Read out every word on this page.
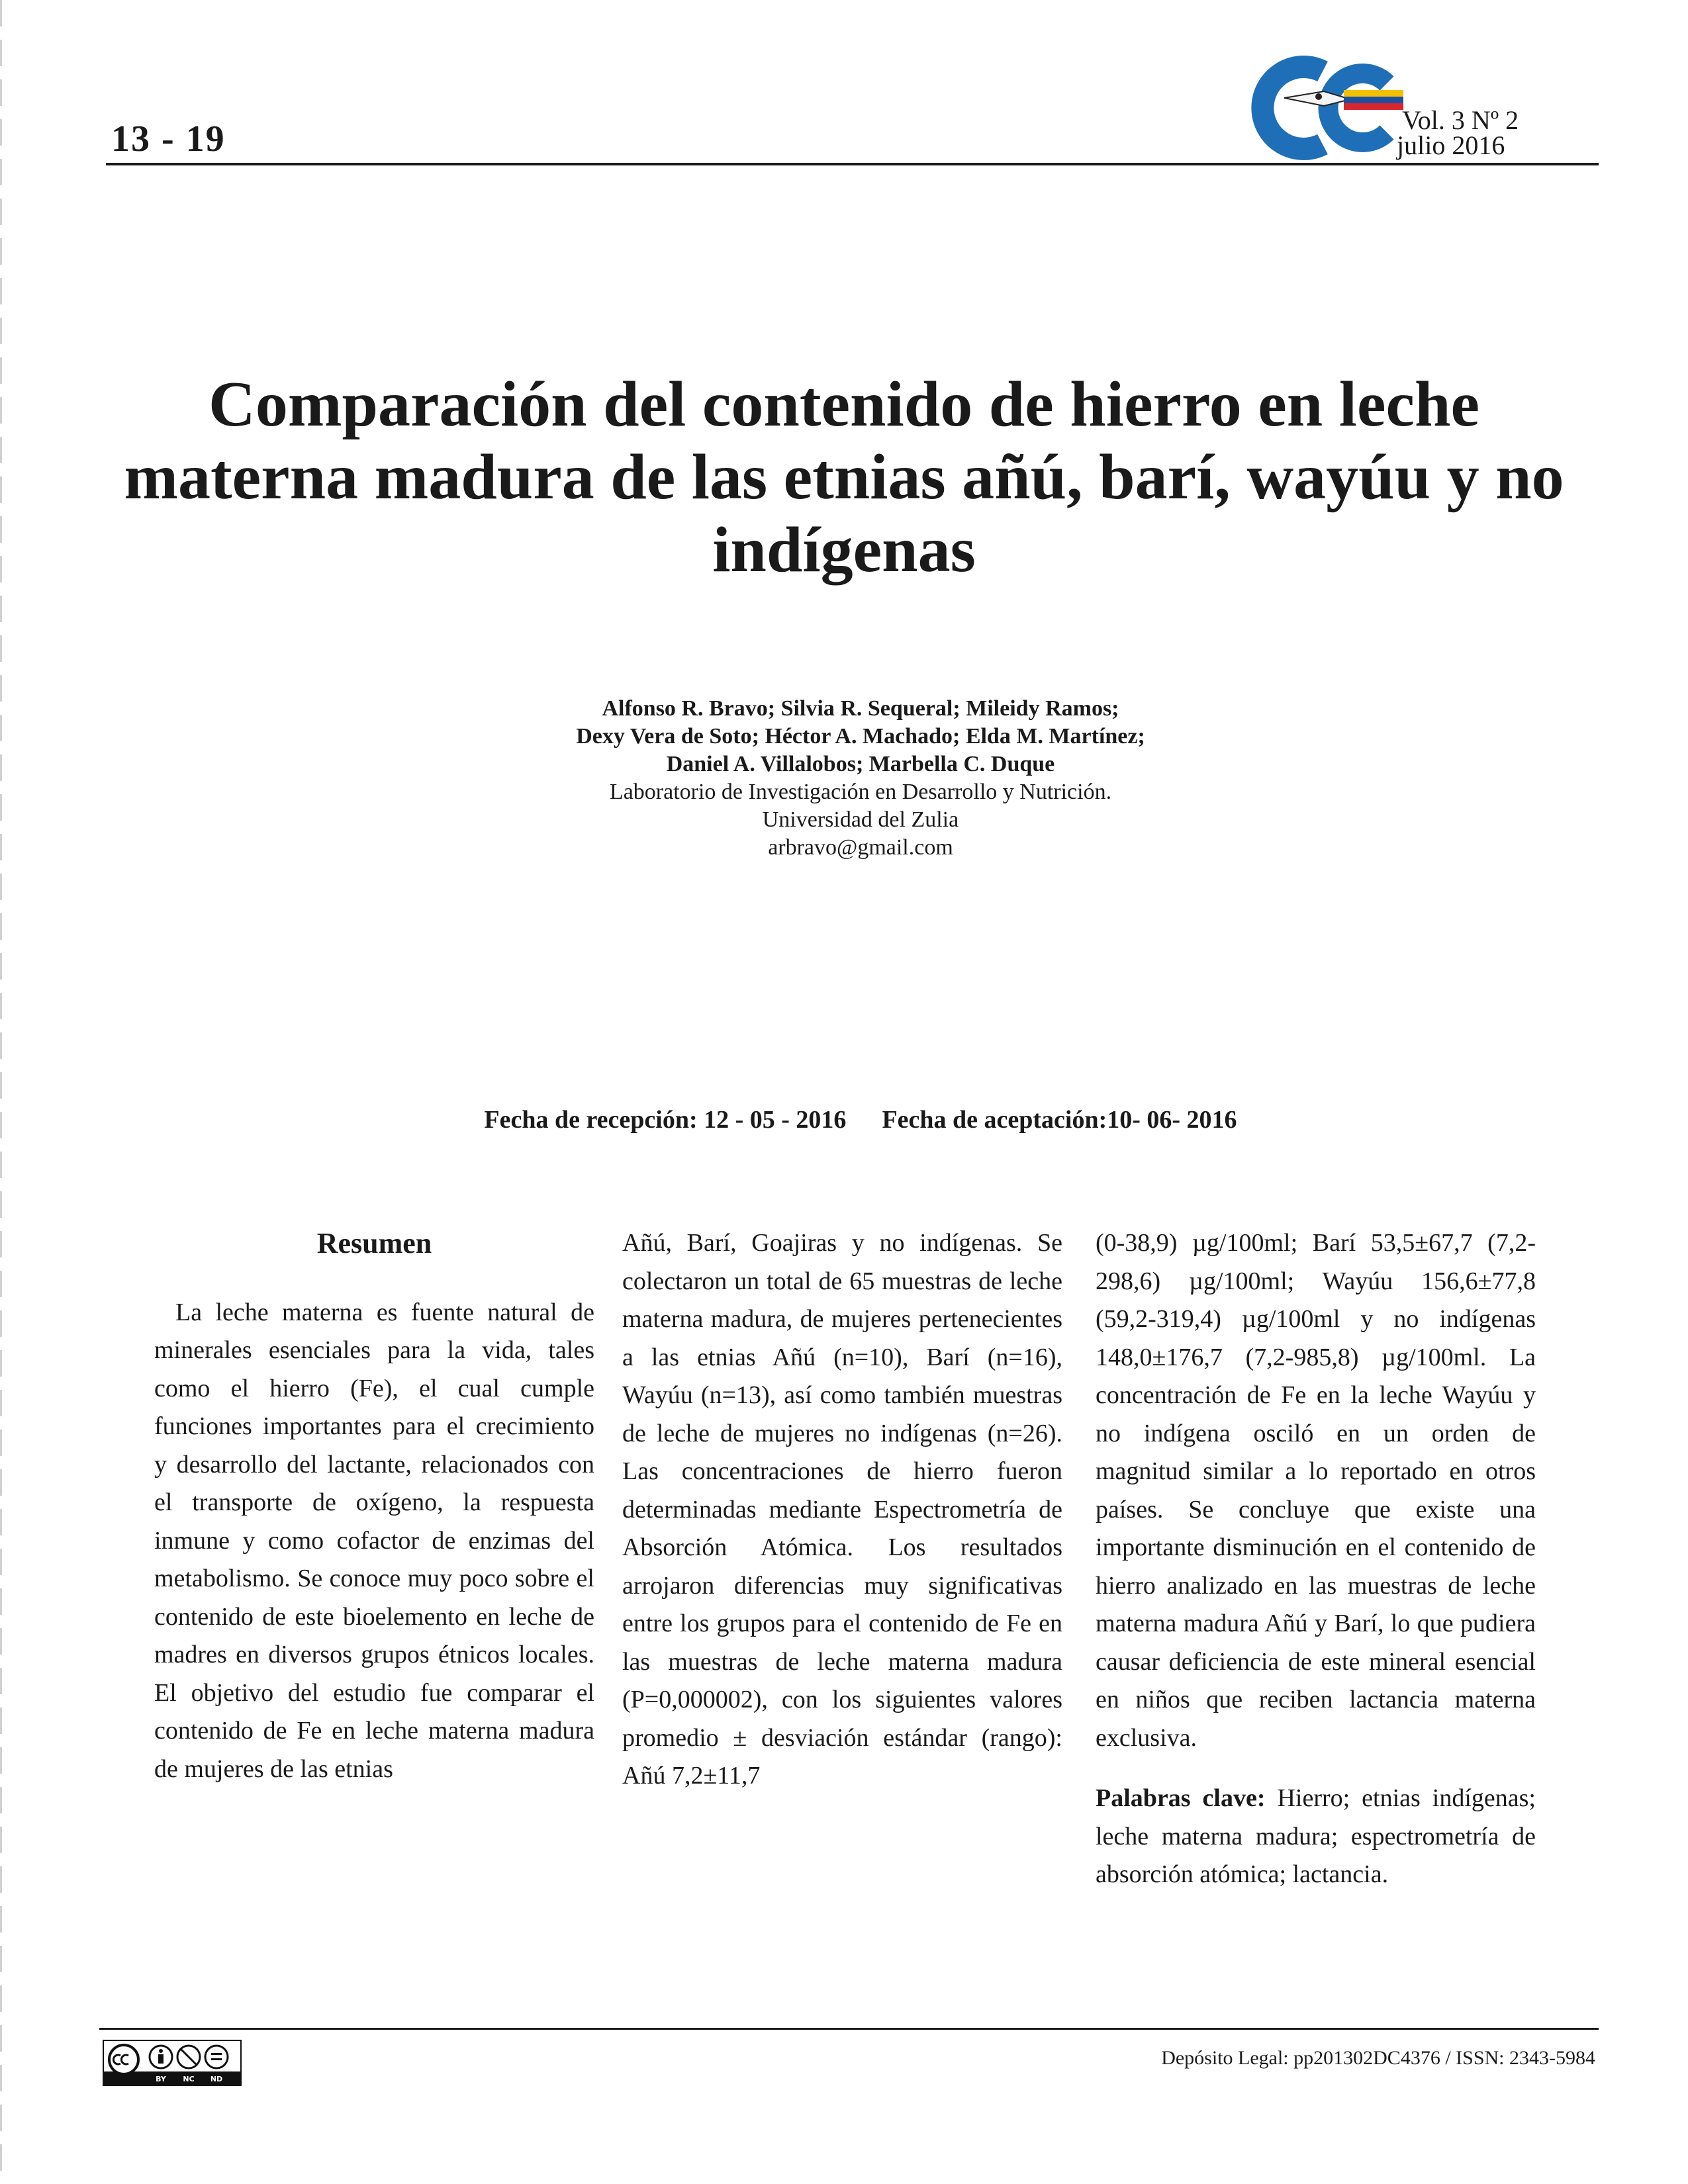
13 - 19	Vol. 3 Nº 2
julio 2016
Comparación del contenido de hierro en leche materna madura de las etnias añú, barí, wayúu y no indígenas
Alfonso R. Bravo; Silvia R. Sequeral; Mileidy Ramos;
Dexy Vera de Soto; Héctor A. Machado; Elda M. Martínez;
Daniel A. Villalobos; Marbella C. Duque
Laboratorio de Investigación en Desarrollo y Nutrición.
Universidad del Zulia
arbravo@gmail.com
Fecha de recepción: 12 - 05 - 2016 Fecha de aceptación:10- 06- 2016

Resumen

La leche materna es fuente natural de minerales esenciales para la vida, tales como el hierro (Fe), el cual cumple funciones importantes para el crecimiento y desarrollo del lactante, relacionados con el transporte de oxígeno, la respuesta inmune y como cofactor de enzimas del metabolismo. Se conoce muy poco sobre el contenido de este bioelemento en leche de madres en diversos grupos étnicos locales. El objetivo del estudio fue comparar el contenido de Fe en leche materna madura de mujeres de las etnias

Añú, Barí, Goajiras y no indígenas. Se colectaron un total de 65 muestras de leche materna madura, de mujeres pertenecientes a las etnias Añú (n=10), Barí (n=16), Wayúu (n=13), así como también muestras de leche de mujeres no indígenas (n=26). Las concentraciones de hierro fueron determinadas mediante Espectrometría de Absorción Atómica. Los resultados arrojaron diferencias muy significativas entre los grupos para el contenido de Fe en las muestras de leche materna madura (P=0,000002), con los siguientes valores promedio ± desviación estándar (rango): Añú 7,2±11,7

(0-38,9) µg/100ml; Barí 53,5±67,7 (7,2-298,6) µg/100ml; Wayúu 156,6±77,8 (59,2-319,4) µg/100ml y no indígenas 148,0±176,7 (7,2-985,8) µg/100ml. La concentración de Fe en la leche Wayúu y no indígena osciló en un orden de magnitud similar a lo reportado en otros países. Se concluye que existe una importante disminución en el contenido de hierro analizado en las muestras de leche materna madura Añú y Barí, lo que pudiera causar deficiencia de este mineral esencial en niños que reciben lactancia materna exclusiva.

Palabras clave: Hierro; etnias indígenas; leche materna madura; espectrometría de absorción atómica; lactancia.

BY NC ND
Depósito Legal: pp201302DC4376 / ISSN: 2343-5984
